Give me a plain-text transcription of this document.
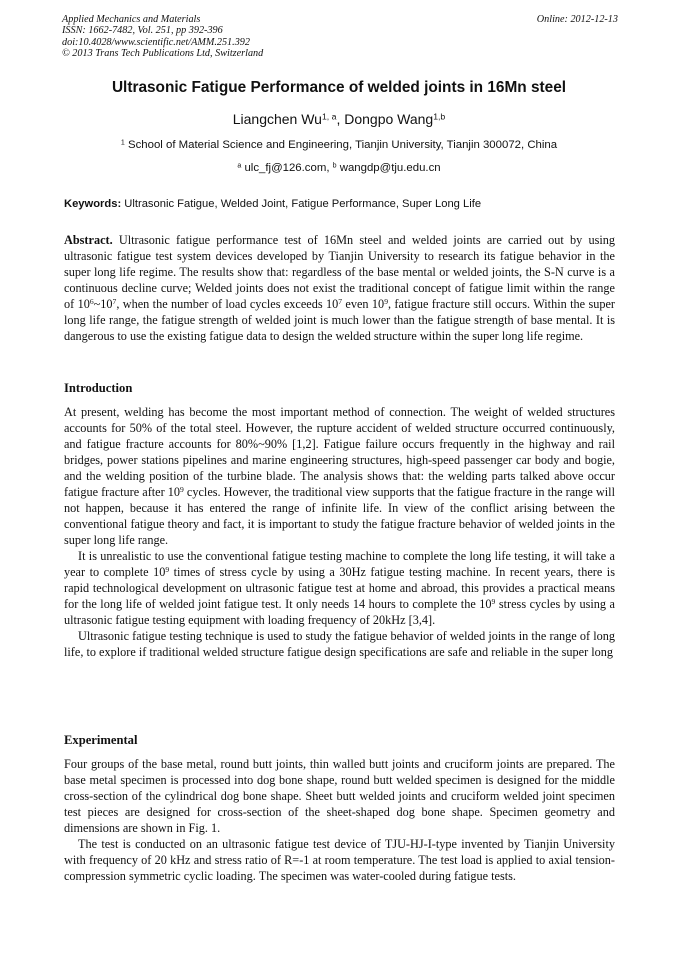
Applied Mechanics and Materials
ISSN: 1662-7482, Vol. 251, pp 392-396
doi:10.4028/www.scientific.net/AMM.251.392
© 2013 Trans Tech Publications Ltd, Switzerland
Online: 2012-12-13
Ultrasonic Fatigue Performance of welded joints in 16Mn steel
Liangchen Wu$^{1, a}$, Dongpo Wang$^{1,b}$
$^1$ School of Material Science and Engineering, Tianjin University, Tianjin 300072, China
$^a$ ulc_fj@126.com, $^b$ wangdp@tju.edu.cn
Keywords: Ultrasonic Fatigue, Welded Joint, Fatigue Performance, Super Long Life

Abstract. Ultrasonic fatigue performance test of 16Mn steel and welded joints are carried out by using ultrasonic fatigue test system devices developed by Tianjin University to research its fatigue behavior in the super long life regime. The results show that: regardless of the base mental or welded joints, the S-N curve is a continuous decline curve; Welded joints does not exist the traditional concept of fatigue limit within the range of $10^6\sim 10^7$, when the number of load cycles exceeds $10^7$ even $10^9$, fatigue fracture still occurs. Within the super long life range, the fatigue strength of welded joint is much lower than the fatigue strength of base mental. It is dangerous to use the existing fatigue data to design the welded structure within the super long life regime.

Introduction

At present, welding has become the most important method of connection. The weight of welded structures accounts for 50% of the total steel. However, the rupture accident of welded structure occurred continuously, and fatigue fracture accounts for 80%~90% [1,2]. Fatigue failure occurs frequently in the highway and rail bridges, power stations pipelines and marine engineering structures, high-speed passenger car body and bogie, and the welding position of the turbine blade. The analysis shows that: the welding parts talked above occur fatigue fracture after $10^9$ cycles. However, the traditional view supports that the fatigue fracture in the range will not happen, because it has entered the range of infinite life. In view of the conflict arising between the conventional fatigue theory and fact, it is important to study the fatigue fracture behavior of welded joints in the super long life range.

It is unrealistic to use the conventional fatigue testing machine to complete the long life testing, it will take a year to complete $10^9$ times of stress cycle by using a 30Hz fatigue testing machine. In recent years, there is rapid technological development on ultrasonic fatigue test at home and abroad, this provides a practical means for the long life of welded joint fatigue test. It only needs 14 hours to complete the $10^9$ stress cycles by using a ultrasonic fatigue testing equipment with loading frequency of 20kHz [3,4].

Ultrasonic fatigue testing technique is used to study the fatigue behavior of welded joints in the range of long life, to explore if traditional welded structure fatigue design specifications are safe and reliable in the super long

Experimental

Four groups of the base metal, round butt joints, thin walled butt joints and cruciform joints are prepared. The base metal specimen is processed into dog bone shape, round butt welded specimen is designed for the middle cross-section of the cylindrical dog bone shape. Sheet butt welded joints and cruciform welded joint specimen test pieces are designed for cross-section of the sheet-shaped dog bone shape. Specimen geometry and dimensions are shown in Fig. 1.

The test is conducted on an ultrasonic fatigue test device of TJU-HJ-I-type invented by Tianjin University with frequency of 20 kHz and stress ratio of R=-1 at room temperature. The test load is applied to axial tension-compression symmetric cyclic loading. The specimen was water-cooled during fatigue tests.
